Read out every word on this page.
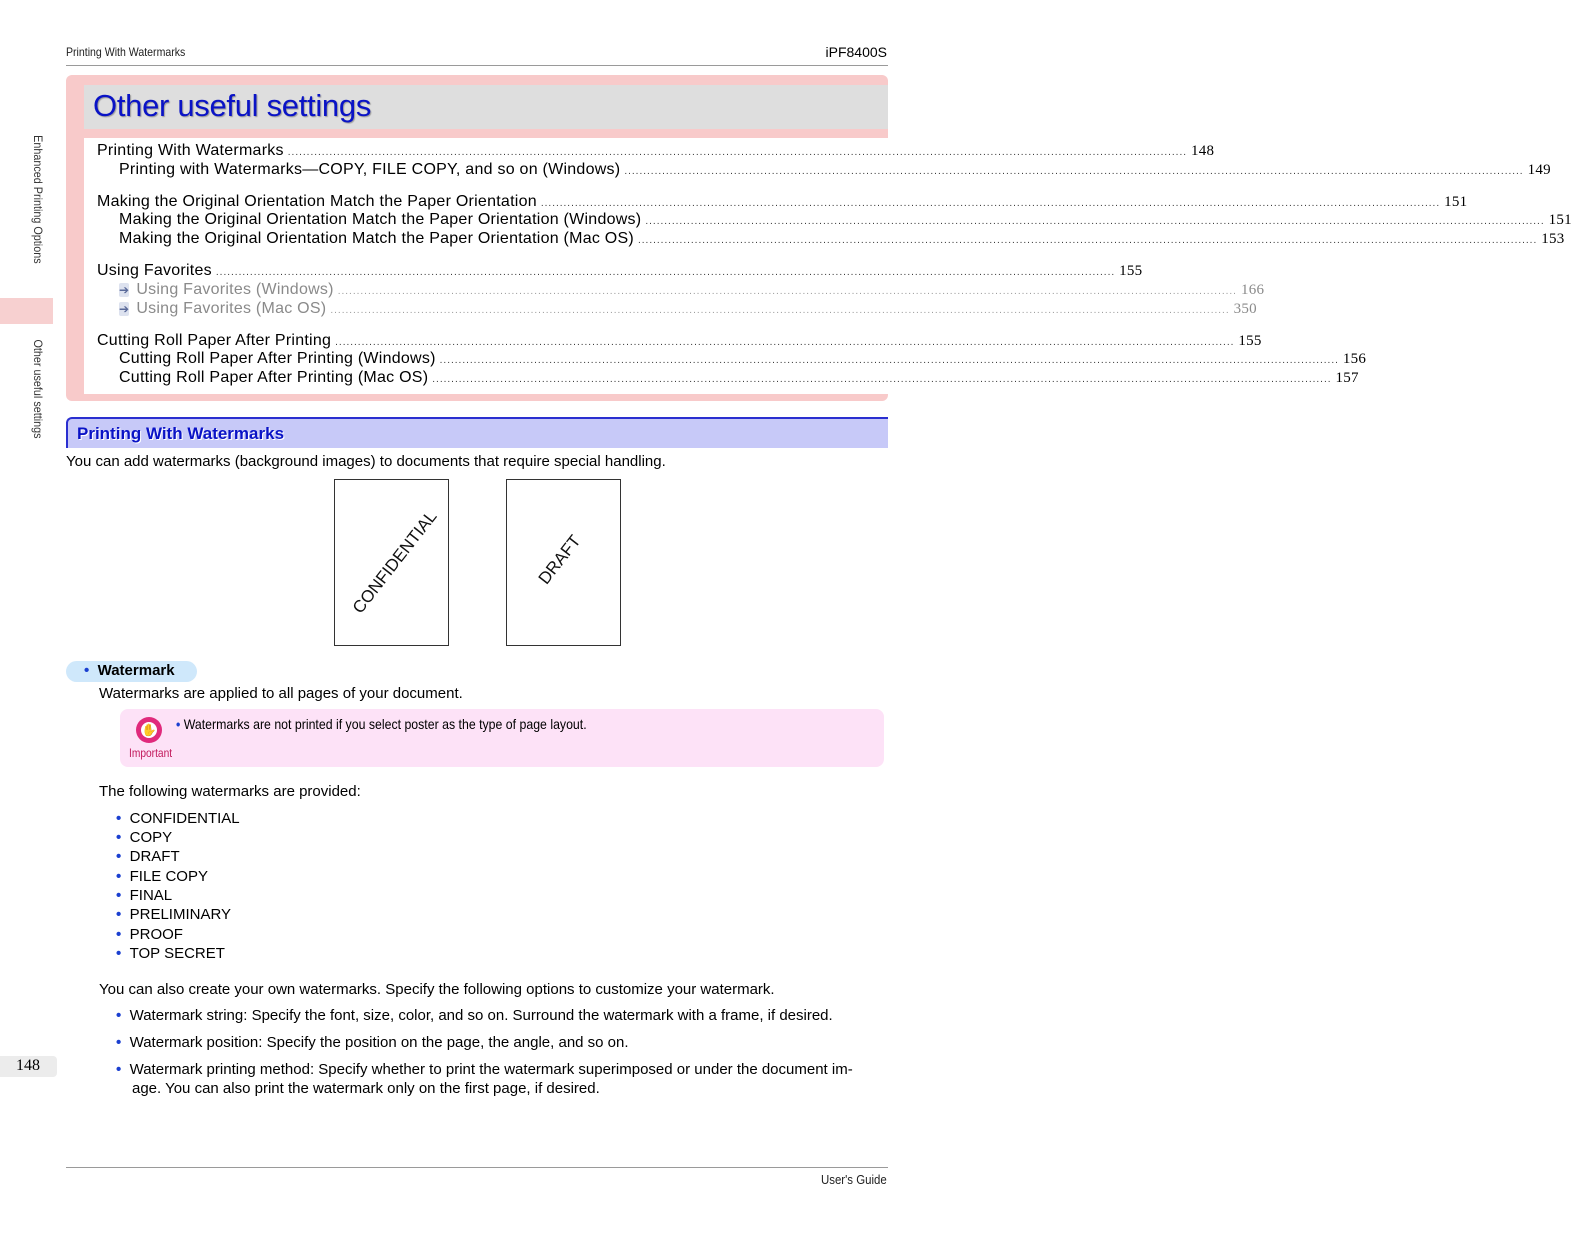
Printing With Watermarks	iPF8400S
Enhanced Printing Options
Other useful settings
148
User's Guide
Other useful settings
Printing With Watermarks .............................................................................................................................................................................................................................................. 148
Printing with Watermarks—COPY, FILE COPY, and so on (Windows) .............................................................................................................................................................................................................................................. 149
Making the Original Orientation Match the Paper Orientation .............................................................................................................................................................................................................................................. 151
Making the Original Orientation Match the Paper Orientation (Windows) .............................................................................................................................................................................................................................................. 151
Making the Original Orientation Match the Paper Orientation (Mac OS) .............................................................................................................................................................................................................................................. 153
Using Favorites .............................................................................................................................................................................................................................................. 155
➔ Using Favorites (Windows) .............................................................................................................................................................................................................................................. 166
➔ Using Favorites (Mac OS) .............................................................................................................................................................................................................................................. 350
Cutting Roll Paper After Printing .............................................................................................................................................................................................................................................. 155
Cutting Roll Paper After Printing (Windows) .............................................................................................................................................................................................................................................. 156
Cutting Roll Paper After Printing (Mac OS) .............................................................................................................................................................................................................................................. 157
Printing With Watermarks
You can add watermarks (background images) to documents that require special handling.
CONFIDENTIAL	DRAFT
• Watermark
Watermarks are applied to all pages of your document.
✋
Important
• Watermarks are not printed if you select poster as the type of page layout.
The following watermarks are provided:
• CONFIDENTIAL
• COPY
• DRAFT
• FILE COPY
• FINAL
• PRELIMINARY
• PROOF
• TOP SECRET
You can also create your own watermarks. Specify the following options to customize your watermark.
• Watermark string: Specify the font, size, color, and so on. Surround the watermark with a frame, if desired.
• Watermark position: Specify the position on the page, the angle, and so on.
• Watermark printing method: Specify whether to print the watermark superimposed or under the document im-
age. You can also print the watermark only on the first page, if desired.
